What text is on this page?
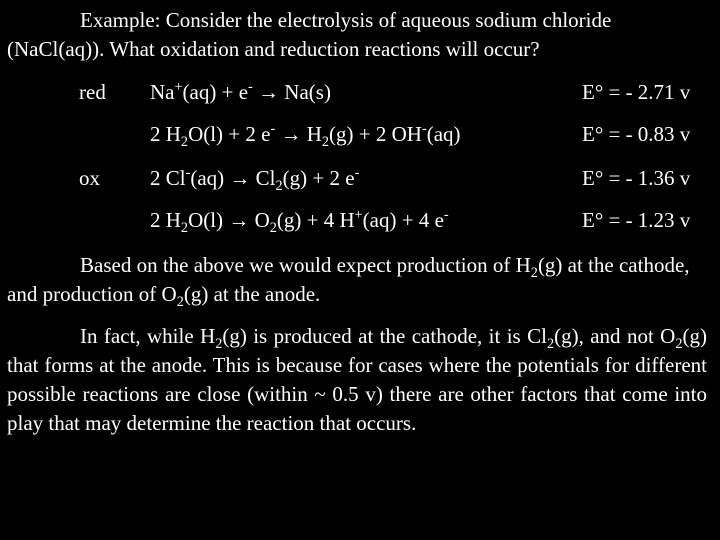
Example: Consider the electrolysis of aqueous sodium chloride (NaCl(aq)). What oxidation and reduction reactions will occur?
red Na+(aq) + e- → Na(s)	E° = - 2.71 v
2 $H_2O(l) + 2$ $e^- \to H_2(g) + 2$ OH-(aq)	E° = - 0.83 v
ox 2 $Cl^-(aq) \to Cl_2(g) + 2$ e-	E° = - 1.36 v
2 $H_2O(l) \to O_2(g) + 4$ H+(aq) + 4 e-	E° = - 1.23 v
Based on the above we would expect production of $H_2(g)$ at the cathode, and production of $O_2(g)$ at the anode.
In fact, while $H_2(g)$ is produced at the cathode, it is $Cl_2(g)$, and not $O_2(g)$ that forms at the anode. This is because for cases where the potentials for different possible reactions are close (within ~ 0.5 v) there are other factors that come into play that may determine the reaction that occurs.
